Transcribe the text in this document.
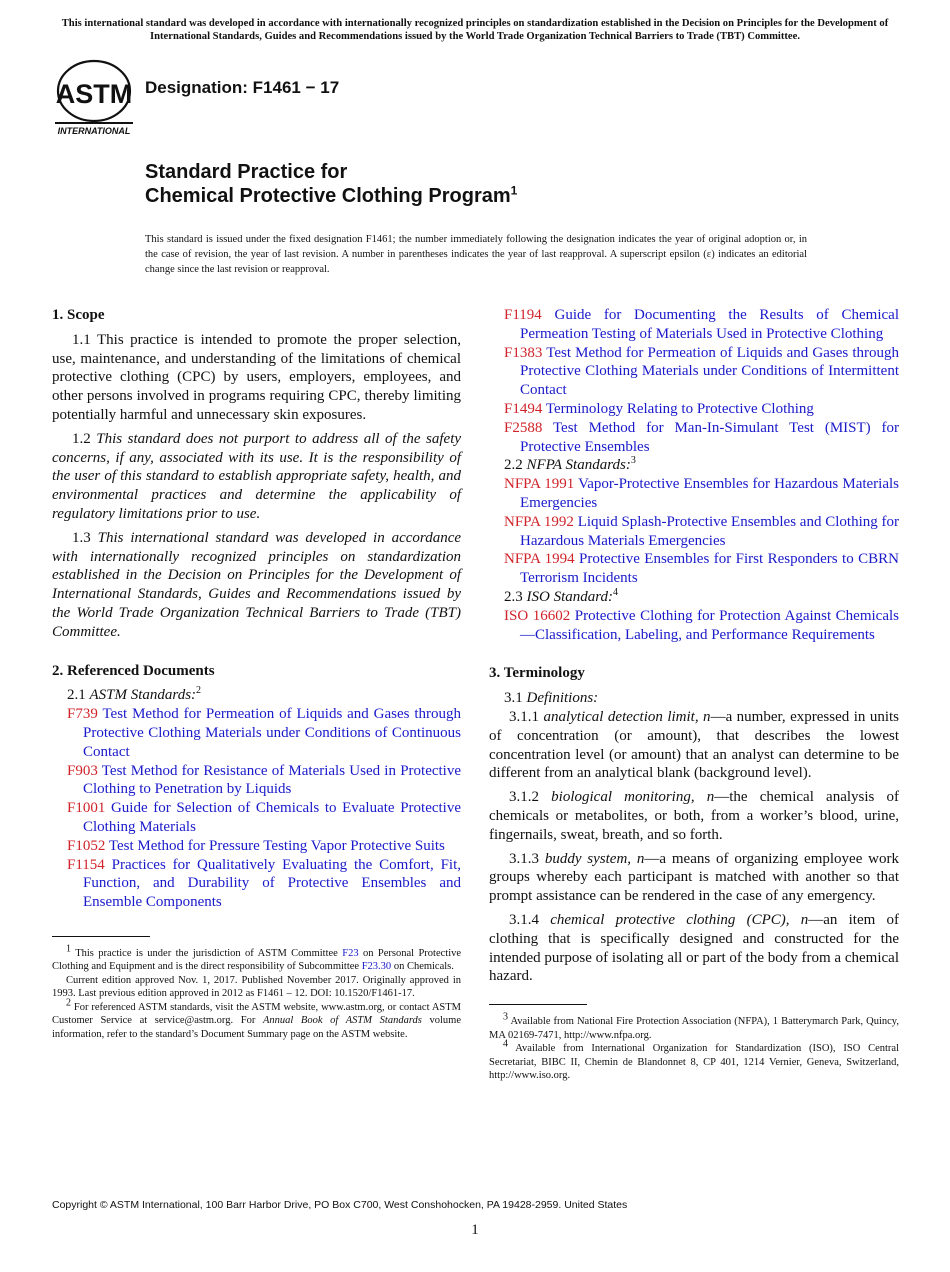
This international standard was developed in accordance with internationally recognized principles on standardization established in the Decision on Principles for the Development of International Standards, Guides and Recommendations issued by the World Trade Organization Technical Barriers to Trade (TBT) Committee.
ASTM
INTERNATIONAL
Designation: F1461 − 17
Standard Practice for
Chemical Protective Clothing Program$^1$
This standard is issued under the fixed designation F1461; the number immediately following the designation indicates the year of original adoption or, in the case of revision, the year of last revision. A number in parentheses indicates the year of last reapproval. A superscript epsilon (ε) indicates an editorial change since the last revision or reapproval.
1. Scope

1.1 This practice is intended to promote the proper selection, use, maintenance, and understanding of the limitations of chemical protective clothing (CPC) by users, employers, employees, and other persons involved in programs requiring CPC, thereby limiting potentially harmful and unnecessary skin exposures.

1.2 This standard does not purport to address all of the safety concerns, if any, associated with its use. It is the responsibility of the user of this standard to establish appropriate safety, health, and environmental practices and determine the applicability of regulatory limitations prior to use.

1.3 This international standard was developed in accordance with internationally recognized principles on standardization established in the Decision on Principles for the Development of International Standards, Guides and Recommendations issued by the World Trade Organization Technical Barriers to Trade (TBT) Committee.

2. Referenced Documents
2.1 ASTM Standards:$^2$
F739 Test Method for Permeation of Liquids and Gases through Protective Clothing Materials under Conditions of Continuous Contact
F903 Test Method for Resistance of Materials Used in Protective Clothing to Penetration by Liquids
F1001 Guide for Selection of Chemicals to Evaluate Protective Clothing Materials
F1052 Test Method for Pressure Testing Vapor Protective Suits
F1154 Practices for Qualitatively Evaluating the Comfort, Fit, Function, and Durability of Protective Ensembles and Ensemble Components

$^1$ This practice is under the jurisdiction of ASTM Committee F23 on Personal Protective Clothing and Equipment and is the direct responsibility of Subcommittee F23.30 on Chemicals.

Current edition approved Nov. 1, 2017. Published November 2017. Originally approved in 1993. Last previous edition approved in 2012 as F1461 – 12. DOI: 10.1520/F1461-17.

$^2$ For referenced ASTM standards, visit the ASTM website, www.astm.org, or contact ASTM Customer Service at service@astm.org. For Annual Book of ASTM Standards volume information, refer to the standard’s Document Summary page on the ASTM website.

F1194 Guide for Documenting the Results of Chemical Permeation Testing of Materials Used in Protective Clothing
F1383 Test Method for Permeation of Liquids and Gases through Protective Clothing Materials under Conditions of Intermittent Contact
F1494 Terminology Relating to Protective Clothing
F2588 Test Method for Man-In-Simulant Test (MIST) for Protective Ensembles
2.2 NFPA Standards:$^3$
NFPA 1991 Vapor-Protective Ensembles for Hazardous Materials Emergencies
NFPA 1992 Liquid Splash-Protective Ensembles and Clothing for Hazardous Materials Emergencies
NFPA 1994 Protective Ensembles for First Responders to CBRN Terrorism Incidents
2.3 ISO Standard:$^4$
ISO 16602 Protective Clothing for Protection Against Chemicals—Classification, Labeling, and Performance Requirements
3. Terminology
3.1 Definitions:

3.1.1 analytical detection limit, n—a number, expressed in units of concentration (or amount), that describes the lowest concentration level (or amount) that an analyst can determine to be different from an analytical blank (background level).

3.1.2 biological monitoring, n—the chemical analysis of chemicals or metabolites, or both, from a worker’s blood, urine, fingernails, sweat, breath, and so forth.

3.1.3 buddy system, n—a means of organizing employee work groups whereby each participant is matched with another so that prompt assistance can be rendered in the case of any emergency.

3.1.4 chemical protective clothing (CPC), n—an item of clothing that is specifically designed and constructed for the intended purpose of isolating all or part of the body from a chemical hazard.

$^3$ Available from National Fire Protection Association (NFPA), 1 Batterymarch Park, Quincy, MA 02169-7471, http://www.nfpa.org.

$^4$ Available from International Organization for Standardization (ISO), ISO Central Secretariat, BIBC II, Chemin de Blandonnet 8, CP 401, 1214 Vernier, Geneva, Switzerland, http://www.iso.org.

Copyright © ASTM International, 100 Barr Harbor Drive, PO Box C700, West Conshohocken, PA 19428-2959. United States
1
